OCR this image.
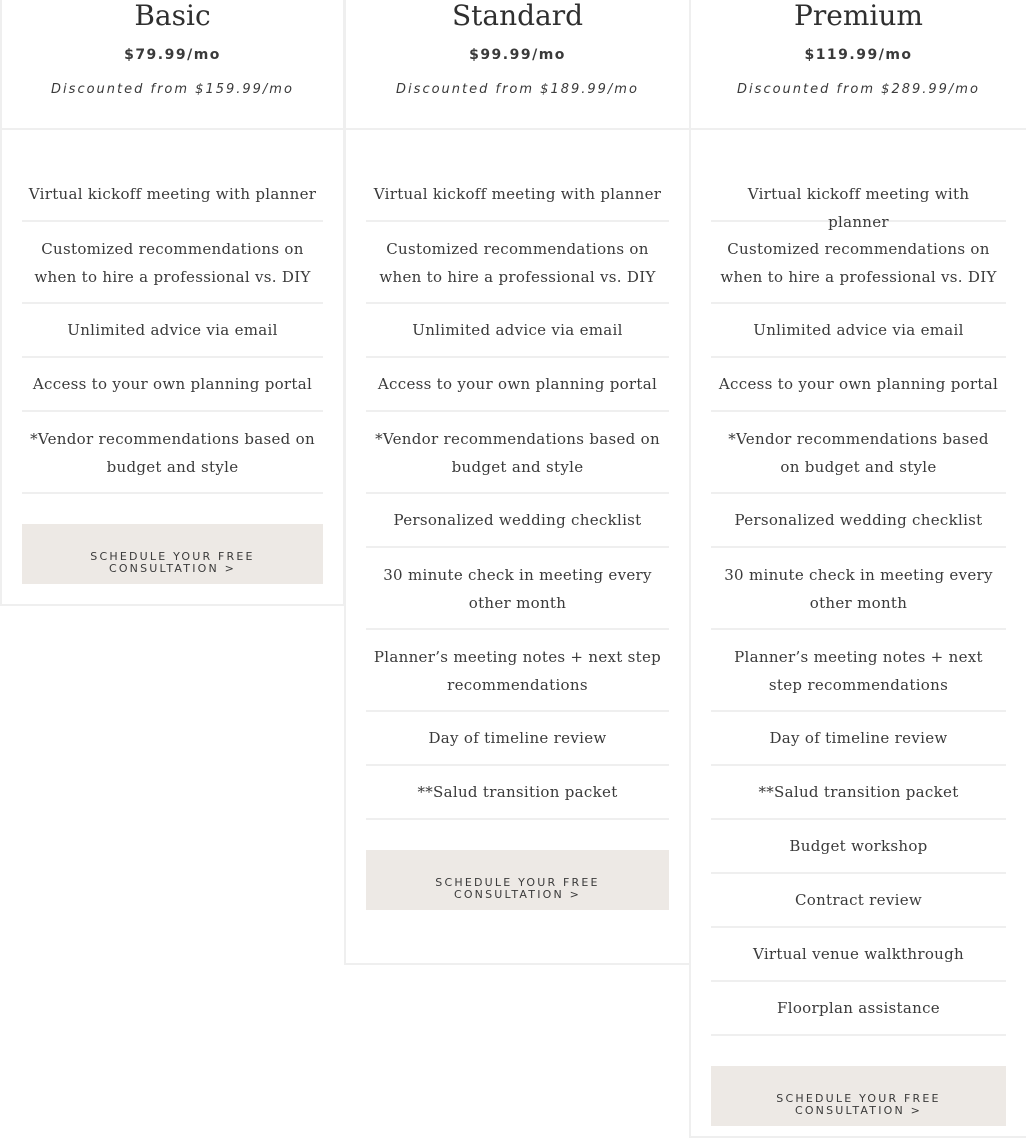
Basic
$79.99/mo
Discounted from $159.99/mo
Virtual kickoff meeting with planner
Customized recommendations on when to hire a professional vs. DIY
Unlimited advice via email
Access to your own planning portal
*Vendor recommendations based on budget and style
SCHEDULE YOUR FREE CONSULTATION >
Standard
$99.99/mo
Discounted from $189.99/mo
Virtual kickoff meeting with planner
Customized recommendations on when to hire a professional vs. DIY
Unlimited advice via email
Access to your own planning portal
*Vendor recommendations based on budget and style
Personalized wedding checklist
30 minute check in meeting every other month
Planner’s meeting notes + next step recommendations
Day of timeline review
**Salud transition packet
SCHEDULE YOUR FREE CONSULTATION >
Premium
$119.99/mo
Discounted from $289.99/mo
Virtual kickoff meeting with planner
Customized recommendations on when to hire a professional vs. DIY
Unlimited advice via email
Access to your own planning portal
*Vendor recommendations based on budget and style
Personalized wedding checklist
30 minute check in meeting every other month
Planner’s meeting notes + next step recommendations
Day of timeline review
**Salud transition packet
Budget workshop
Contract review
Virtual venue walkthrough
Floorplan assistance
SCHEDULE YOUR FREE CONSULTATION >
